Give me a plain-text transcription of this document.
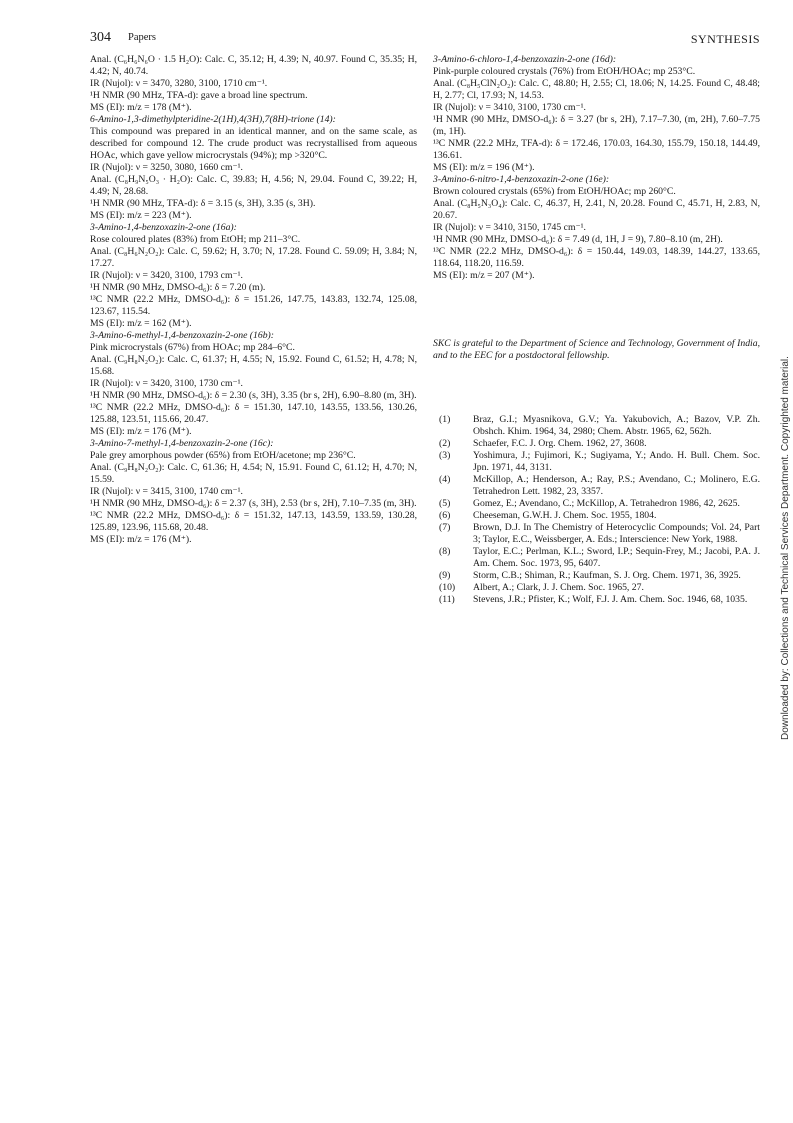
304 Papers	SYNTHESIS

Anal. (C₆H₆N₆O · 1.5 H₂O): Calc. C, 35.12; H, 4.39; N, 40.97. Found C, 35.35; H, 4.42; N, 40.74.

IR (Nujol): ν = 3470, 3280, 3100, 1710 cm⁻¹.

¹H NMR (90 MHz, TFA-d): gave a broad line spectrum.

MS (EI): m/z = 178 (M⁺).

6-Amino-1,3-dimethylpteridine-2(1H),4(3H),7(8H)-trione (14):

This compound was prepared in an identical manner, and on the same scale, as described for compound 12. The crude product was recrystallised from aqueous HOAc, which gave yellow microcrystals (94%); mp >320°C.

IR (Nujol): ν = 3250, 3080, 1660 cm⁻¹.

Anal. (C₈H₉N₅O₃ · H₂O): Calc. C, 39.83; H, 4.56; N, 29.04. Found C, 39.22; H, 4.49; N, 28.68.

¹H NMR (90 MHz, TFA-d): δ = 3.15 (s, 3H), 3.35 (s, 3H).

MS (EI): m/z = 223 (M⁺).

3-Amino-1,4-benzoxazin-2-one (16a):

Rose coloured plates (83%) from EtOH; mp 211–3°C.

Anal. (C₈H₆N₂O₂): Calc. C, 59.62; H, 3.70; N, 17.28. Found C. 59.09; H, 3.84; N, 17.27.

IR (Nujol): ν = 3420, 3100, 1793 cm⁻¹.

¹H NMR (90 MHz, DMSO-d₆): δ = 7.20 (m).

¹³C NMR (22.2 MHz, DMSO-d₆): δ = 151.26, 147.75, 143.83, 132.74, 125.08, 123.67, 115.54.

MS (EI): m/z = 162 (M⁺).

3-Amino-6-methyl-1,4-benzoxazin-2-one (16b):

Pink microcrystals (67%) from HOAc; mp 284–6°C.

Anal. (C₉H₈N₂O₂): Calc. C, 61.37; H, 4.55; N, 15.92. Found C, 61.52; H, 4.78; N, 15.68.

IR (Nujol): ν = 3420, 3100, 1730 cm⁻¹.

¹H NMR (90 MHz, DMSO-d₆): δ = 2.30 (s, 3H), 3.35 (br s, 2H), 6.90–8.80 (m, 3H).

¹³C NMR (22.2 MHz, DMSO-d₆): δ = 151.30, 147.10, 143.55, 133.56, 130.26, 125.88, 123.51, 115.66, 20.47.

MS (EI): m/z = 176 (M⁺).

3-Amino-7-methyl-1,4-benzoxazin-2-one (16c):

Pale grey amorphous powder (65%) from EtOH/acetone; mp 236°C.

Anal. (C₉H₈N₂O₂): Calc. C, 61.36; H, 4.54; N, 15.91. Found C, 61.12; H, 4.70; N, 15.59.

IR (Nujol): ν = 3415, 3100, 1740 cm⁻¹.

¹H NMR (90 MHz, DMSO-d₆): δ = 2.37 (s, 3H), 2.53 (br s, 2H), 7.10–7.35 (m, 3H).

¹³C NMR (22.2 MHz, DMSO-d₆): δ = 151.32, 147.13, 143.59, 133.59, 130.28, 125.89, 123.96, 115.68, 20.48.

MS (EI): m/z = 176 (M⁺).

3-Amino-6-chloro-1,4-benzoxazin-2-one (16d):

Pink-purple coloured crystals (76%) from EtOH/HOAc; mp 253°C.

Anal. (C₈H₅ClN₂O₂): Calc. C, 48.80; H, 2.55; Cl, 18.06; N, 14.25. Found C, 48.48; H, 2.77; Cl, 17.93; N, 14.53.

IR (Nujol): ν = 3410, 3100, 1730 cm⁻¹.

¹H NMR (90 MHz, DMSO-d₆): δ = 3.27 (br s, 2H), 7.17–7.30, (m, 2H), 7.60–7.75 (m, 1H).

¹³C NMR (22.2 MHz, TFA-d): δ = 172.46, 170.03, 164.30, 155.79, 150.18, 144.49, 136.61.

MS (EI): m/z = 196 (M⁺).

3-Amino-6-nitro-1,4-benzoxazin-2-one (16e):

Brown coloured crystals (65%) from EtOH/HOAc; mp 260°C.

Anal. (C₈H₅N₃O₄): Calc. C, 46.37, H, 2.41, N, 20.28. Found C, 45.71, H, 2.83, N, 20.67.

IR (Nujol): ν = 3410, 3150, 1745 cm⁻¹.

¹H NMR (90 MHz, DMSO-d₆): δ = 7.49 (d, 1H, J = 9), 7.80–8.10 (m, 2H).

¹³C NMR (22.2 MHz, DMSO-d₆): δ = 150.44, 149.03, 148.39, 144.27, 133.65, 118.64, 118.20, 116.59.

MS (EI): m/z = 207 (M⁺).

SKC is grateful to the Department of Science and Technology, Government of India, and to the EEC for a postdoctoral fellowship.

(1) Braz, G.I.; Myasnikova, G.V.; Ya. Yakubovich, A.; Bazov, V.P. Zh. Obshch. Khim. 1964, 34, 2980; Chem. Abstr. 1965, 62, 562h.
(2) Schaefer, F.C. J. Org. Chem. 1962, 27, 3608.
(3) Yoshimura, J.; Fujimori, K.; Sugiyama, Y.; Ando. H. Bull. Chem. Soc. Jpn. 1971, 44, 3131.
(4) McKillop, A.; Henderson, A.; Ray, P.S.; Avendano, C.; Molinero, E.G. Tetrahedron Lett. 1982, 23, 3357.
(5) Gomez, E.; Avendano, C.; McKillop, A. Tetrahedron 1986, 42, 2625.
(6) Cheeseman, G.W.H. J. Chem. Soc. 1955, 1804.
(7) Brown, D.J. In The Chemistry of Heterocyclic Compounds; Vol. 24, Part 3; Taylor, E.C., Weissberger, A. Eds.; Interscience: New York, 1988.
(8) Taylor, E.C.; Perlman, K.L.; Sword, I.P.; Sequin-Frey, M.; Jacobi, P.A. J. Am. Chem. Soc. 1973, 95, 6407.
(9) Storm, C.B.; Shiman, R.; Kaufman, S. J. Org. Chem. 1971, 36, 3925.
(10) Albert, A.; Clark, J. J. Chem. Soc. 1965, 27.
(11) Stevens, J.R.; Pfister, K.; Wolf, F.J. J. Am. Chem. Soc. 1946, 68, 1035.	Downloaded by: Collections and Technical Services Department. Copyrighted material.
